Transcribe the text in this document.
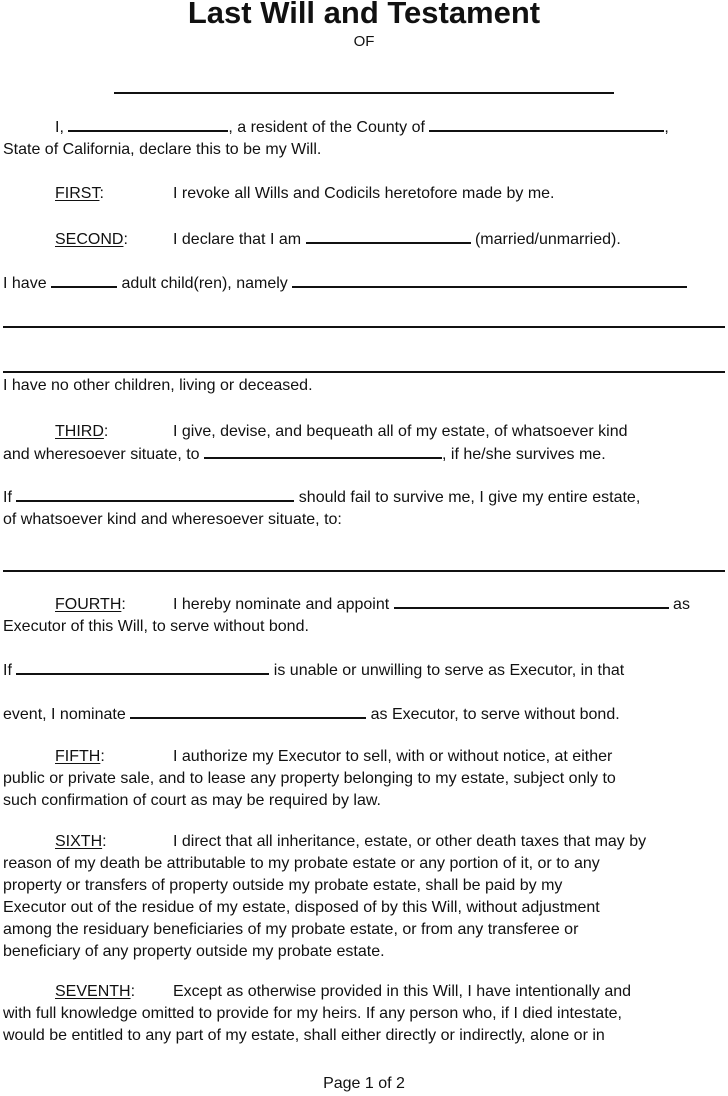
Last Will and Testament
OF

I,	, a resident of the County of	,
State of California, declare this to be my Will.

FIRST:	I revoke all Wills and Codicils heretofore made by me.

SECOND:	I declare that I am	(married/unmarried).

I have	adult child(ren), namely

I have no other children, living or deceased.

THIRD:	I give, devise, and bequeath all of my estate, of whatsoever kind
and wheresoever situate, to	, if he/she survives me.

If	should fail to survive me, I give my entire estate,
of whatsoever kind and wheresoever situate, to:

FOURTH:	I hereby nominate and appoint	as
Executor of this Will, to serve without bond.

If	is unable or unwilling to serve as Executor, in that

event, I nominate	as Executor, to serve without bond.

FIFTH:	I authorize my Executor to sell, with or without notice, at either
public or private sale, and to lease any property belonging to my estate, subject only to
such confirmation of court as may be required by law.

SIXTH:	I direct that all inheritance, estate, or other death taxes that may by
reason of my death be attributable to my probate estate or any portion of it, or to any
property or transfers of property outside my probate estate, shall be paid by my
Executor out of the residue of my estate, disposed of by this Will, without adjustment
among the residuary beneficiaries of my probate estate, or from any transferee or
beneficiary of any property outside my probate estate.

SEVENTH: Except as otherwise provided in this Will, I have intentionally and
with full knowledge omitted to provide for my heirs. If any person who, if I died intestate,
would be entitled to any part of my estate, shall either directly or indirectly, alone or in

Page 1 of 2
